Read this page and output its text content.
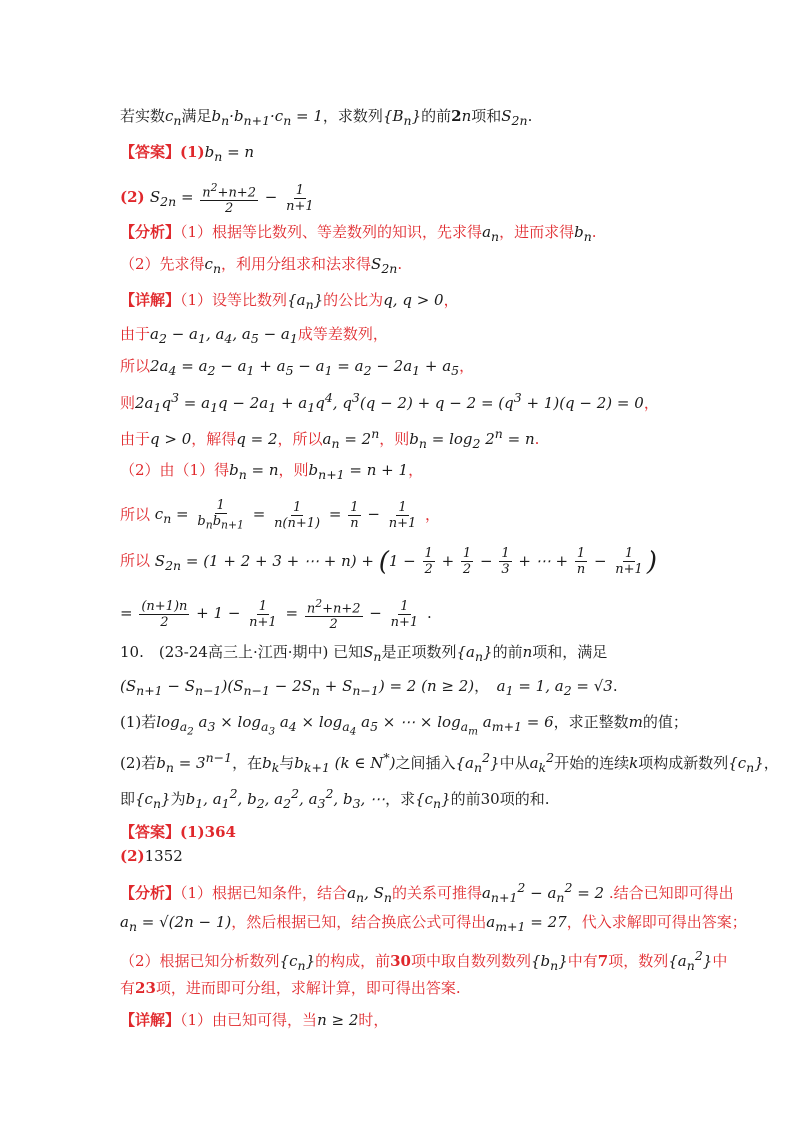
若实数$c_n$满足$b_n\cdot b_{n+1}\cdot c_n = 1$，求数列$\{B_n\}$的前2n项和$S_{2n}$.
【答案】$(1)b_n = n$
(2) $S_{2n} = \frac{n^2+n+2}{2} - \frac{1}{n+1}$
【分析】（1）根据等比数列、等差数列的知识，先求得$a_n$，进而求得$b_n$.
（2）先求得$c_n$，利用分组求和法求得$S_{2n}$.
【详解】（1）设等比数列$\{a_n\}$的公比为q, q > 0，
由于$a_2 - a_1$, $a_4$, $a_5 - a_1$成等差数列，
所以$2a_4 = a_2 - a_1 + a_5 - a_1 = a_2 - 2a_1 + a_5$，
则$2a_1q^3 = a_1q - 2a_1 + a_1q^4$, $q^3(q - 2) + q - 2 = (q^3 + 1)(q - 2) = 0$，
由于q > 0，解得q = 2，所以$a_n = 2^n$，则$b_n = \log_2 2^n = n$.
（2）由（1）得$b_n = n$，则$b_{n+1} = n + 1$，
所以 $c_n = \frac{1}{b_nb_{n+1}} = \frac{1}{n(n+1)} = \frac{1}{n} - \frac{1}{n+1}$ ，
所以 $S_{2n} = (1 + 2 + 3$ + ⋯ + $n) + (1 - \frac{1}{2} + \frac{1}{2} - \frac{1}{3}$ + ⋯ + $\frac{1}{n} - \frac{1}{n+1}$ )
= $\frac{(n+1)n}{2} + 1 - \frac{1}{n+1} = \frac{n^2+n+2}{2} - \frac{1}{n+1}$ .
10.　(23-24高三上·江西·期中) 已知$S_n$是正项数列$\{a_n\}$的前n项和，满足
$(S_{n+1} - S_{n-1})(S_{n-1} - 2S_n + S_{n-1}) = 2$ (n ≥ 2)，　$a_1 = 1$, $a_2 = √3$.
(1)若$\log_{a_2} a_3 \times \log_{a_3} a_4 \times \log_{a_4} a_5$ × ⋯ × $\log_{a_m} a_{m+1} = 6$，求正整数m的值；
(2)若$b_n = 3^{n-1}$，在$b_k$与$b_{k+1}$ (k ∈ N*)之间插入$\{a_n^2\}$中从$a_k^2$开始的连续k项构成新数列$\{c_n\}$，
即$\{c_n\}$为$b_1$, $a_1^2$, $b_2$, $a_2^2$, $a_3^2$, $b_3$, ⋯，求$\{c_n\}$的前30项的和.
【答案】(1)364
(2)1352
【分析】（1）根据已知条件，结合$a_n$, $S_n$的关系可推得$a_{n+1}^2 - a_n^2 = 2$ .结合已知即可得出
$a_n = √(2n - 1)$，然后根据已知，结合换底公式可得出$a_{m+1} = 27$，代入求解即可得出答案；
（2）根据已知分析数列$\{c_n\}$的构成，前30项中取自数列数列$\{b_n\}$中有7项，数列$\{a_n^2\}$中
有23项，进而即可分组，求解计算，即可得出答案.
【详解】（1）由已知可得，当n ≥ 2时，
